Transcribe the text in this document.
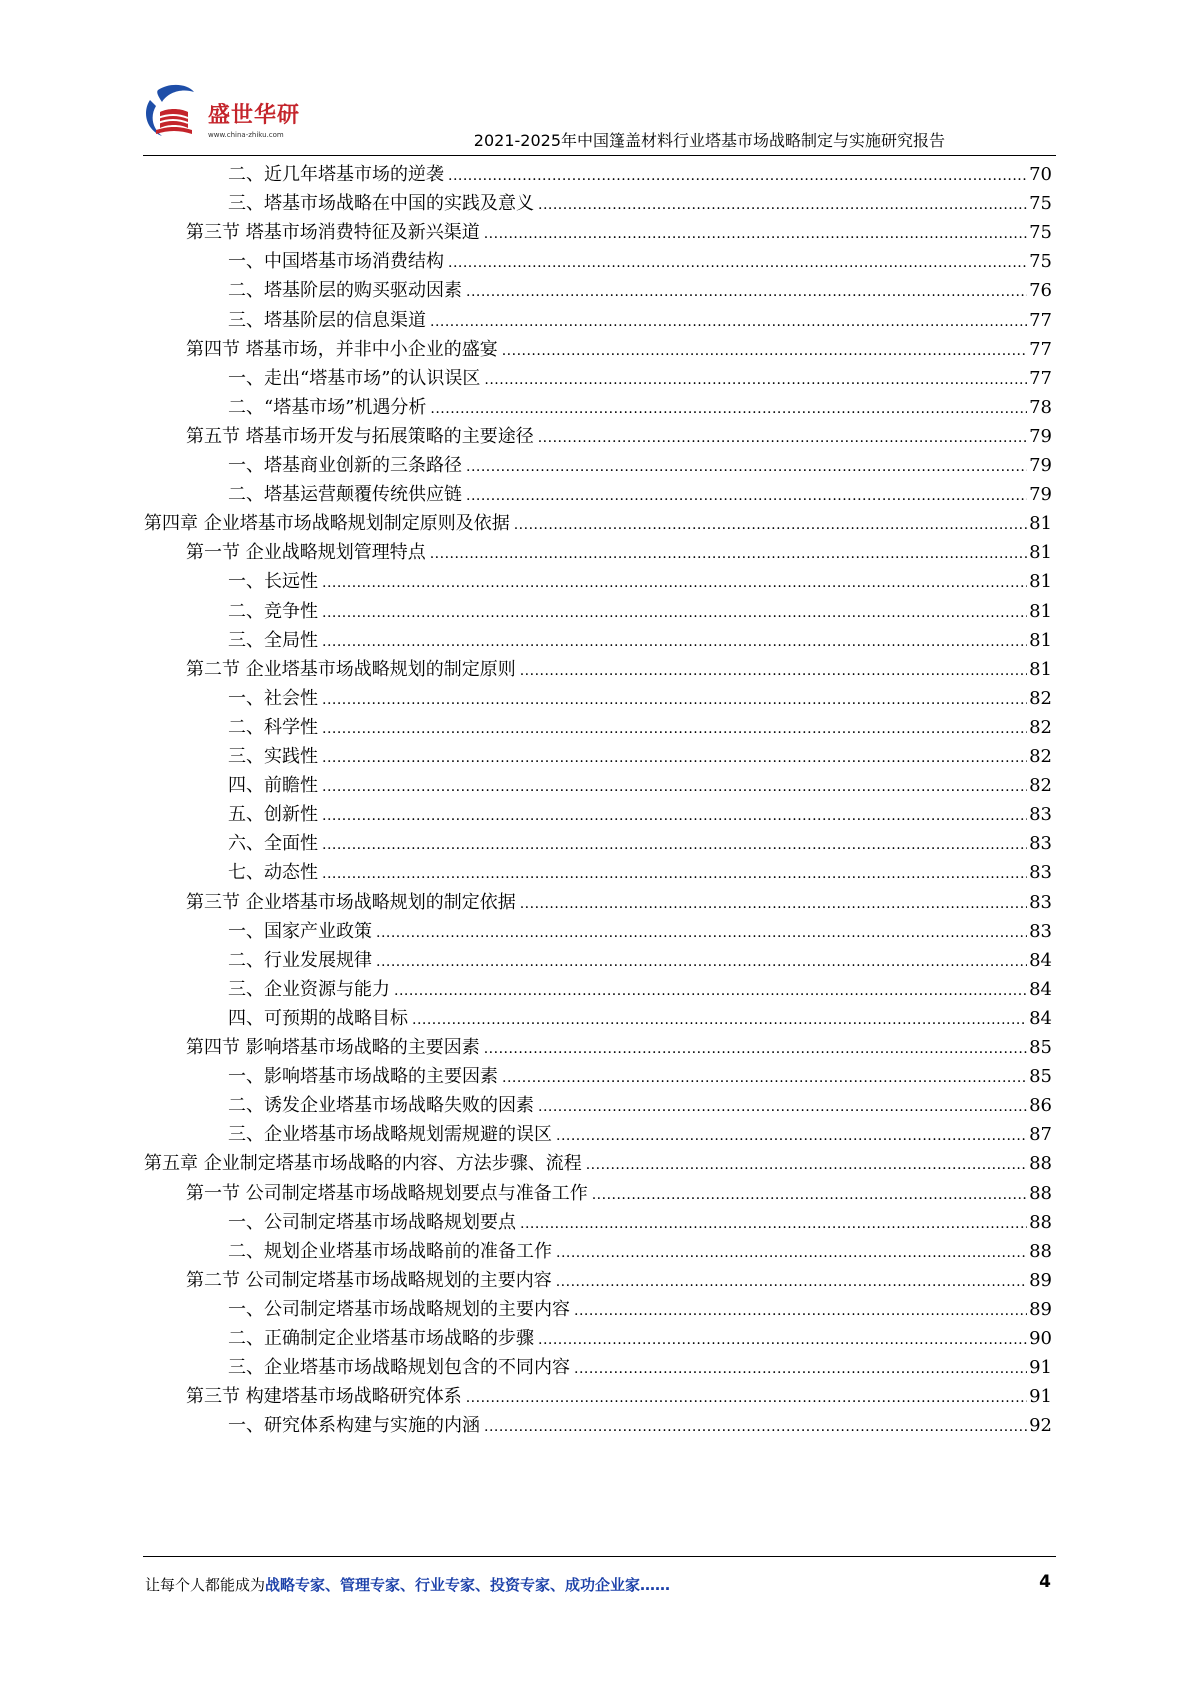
盛世华研
www.china-zhiku.com	2021-2025年中国篷盖材料行业塔基市场战略制定与实施研究报告
二、近几年塔基市场的逆袭 .....	70
三、塔基市场战略在中国的实践及意义 .....	75
第三节 塔基市场消费特征及新兴渠道 .....	75
一、中国塔基市场消费结构 .....	75
二、塔基阶层的购买驱动因素 .....	76
三、塔基阶层的信息渠道 .....	77
第四节 塔基市场，并非中小企业的盛宴 .....	77
一、走出“塔基市场”的认识误区 .....	77
二、“塔基市场”机遇分析 .....	78
第五节 塔基市场开发与拓展策略的主要途径 .....	79
一、塔基商业创新的三条路径 .....	79
二、塔基运营颠覆传统供应链 .....	79
第四章 企业塔基市场战略规划制定原则及依据 .....	81
第一节 企业战略规划管理特点 .....	81
一、长远性 .....	81
二、竞争性 .....	81
三、全局性 .....	81
第二节 企业塔基市场战略规划的制定原则 .....	81
一、社会性 .....	82
二、科学性 .....	82
三、实践性 .....	82
四、前瞻性 .....	82
五、创新性 .....	83
六、全面性 .....	83
七、动态性 .....	83
第三节 企业塔基市场战略规划的制定依据 .....	83
一、国家产业政策 .....	83
二、行业发展规律 .....	84
三、企业资源与能力 .....	84
四、可预期的战略目标 .....	84
第四节 影响塔基市场战略的主要因素 .....	85
一、影响塔基市场战略的主要因素 .....	85
二、诱发企业塔基市场战略失败的因素 .....	86
三、企业塔基市场战略规划需规避的误区 .....	87
第五章 企业制定塔基市场战略的内容、方法步骤、流程 .....	88
第一节 公司制定塔基市场战略规划要点与准备工作 .....	88
一、公司制定塔基市场战略规划要点 .....	88
二、规划企业塔基市场战略前的准备工作 .....	88
第二节 公司制定塔基市场战略规划的主要内容 .....	89
一、公司制定塔基市场战略规划的主要内容 .....	89
二、正确制定企业塔基市场战略的步骤 .....	90
三、企业塔基市场战略规划包含的不同内容 .....	91
第三节 构建塔基市场战略研究体系 .....	91
一、研究体系构建与实施的内涵 .....	92
让每个人都能成为战略专家、管理专家、行业专家、投资专家、成功企业家……	4
